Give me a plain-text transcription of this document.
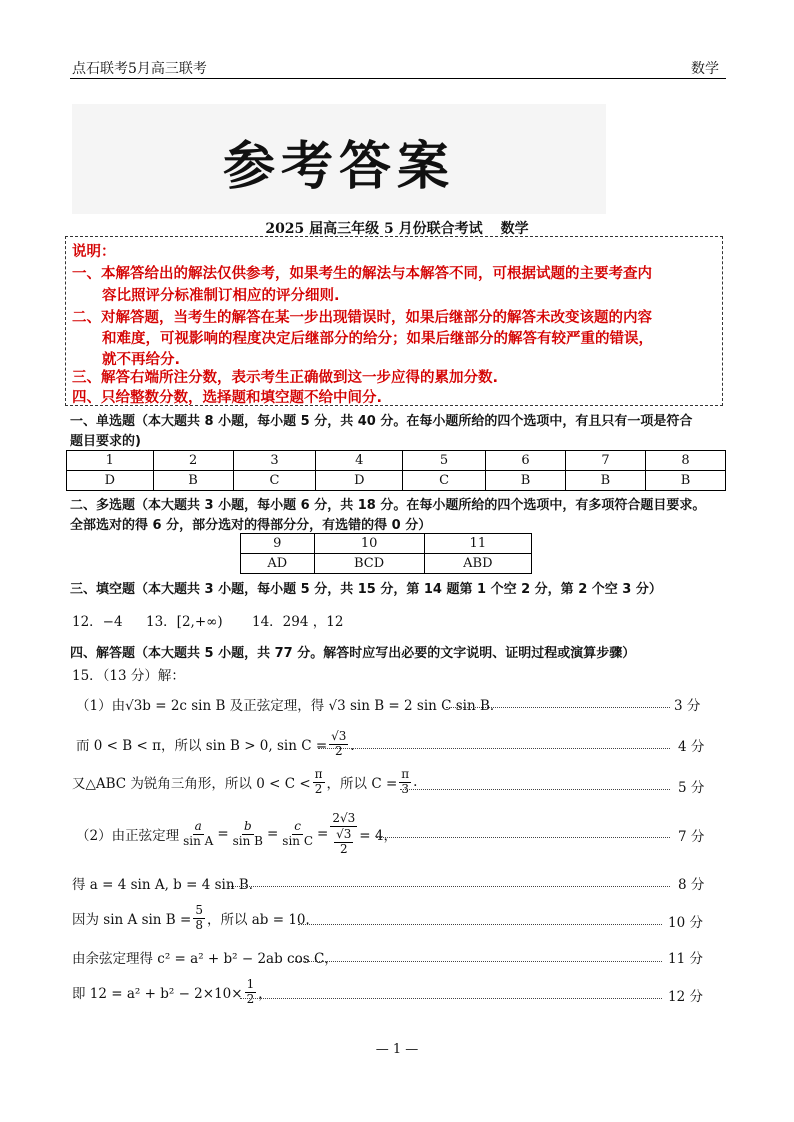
点石联考5月高三联考	数学
参考答案
2025 届高三年级 5 月份联合考试 数学
说明：
一、本解答给出的解法仅供参考，如果考生的解法与本解答不同，可根据试题的主要考查内
容比照评分标准制订相应的评分细则.
二、对解答题，当考生的解答在某一步出现错误时，如果后继部分的解答未改变该题的内容
和难度，可视影响的程度决定后继部分的给分；如果后继部分的解答有较严重的错误，
就不再给分.
三、解答右端所注分数，表示考生正确做到这一步应得的累加分数.
四、只给整数分数，选择题和填空题不给中间分.
一、单选题（本大题共 8 小题，每小题 5 分，共 40 分。在每小题所给的四个选项中，有且只有一项是符合
题目要求的)
1	2	3	4	5	6	7	8
D	B	C	D	C	B	B	B
二、多选题（本大题共 3 小题，每小题 6 分，共 18 分。在每小题所给的四个选项中，有多项符合题目要求。
全部选对的得 6 分，部分选对的得部分分，有选错的得 0 分）
9	10	11
AD	BCD	ABD
三、填空题（本大题共 3 小题，每小题 5 分，共 15 分，第 14 题第 1 个空 2 分，第 2 个空 3 分）
12．−4 13．[2,+∞) 14．294 ，12
四、解答题（本大题共 5 小题，共 77 分。解答时应写出必要的文字说明、证明过程或演算步骤）
15．（13 分）解：
（1）由√3b = 2c sin B 及正弦定理，得 √3 sin B = 2 sin C sin B．	3 分
而 0 < B < π，所以 sin B > 0, $\sin C = \frac{√3}{2}$ ．	4 分
又△ABC 为锐角三角形，所以 $0 < C < \frac{\pi}{2}$ ，所以 $C = \frac{\pi}{3}$ .	5 分
（2）由正弦定理 $\frac{a}{\text{sin A}} = \frac{b}{\text{sin B}} = \frac{c}{\text{sin C}} = \frac{2√3}{\frac{√3}{2}} = 4$，	7 分
得 a = 4 sin A, b = 4 sin B．	8 分
因为 sin A $\sin B = \frac{5}{8}$ ，所以 ab = 10．	10 分
由余弦定理得 c² = a² + b² − 2ab cos C，	11 分
即 $12 = a^2 + b^2 - 2\times 10\times \frac{1}{2}$ ，	12 分
— 1 —
